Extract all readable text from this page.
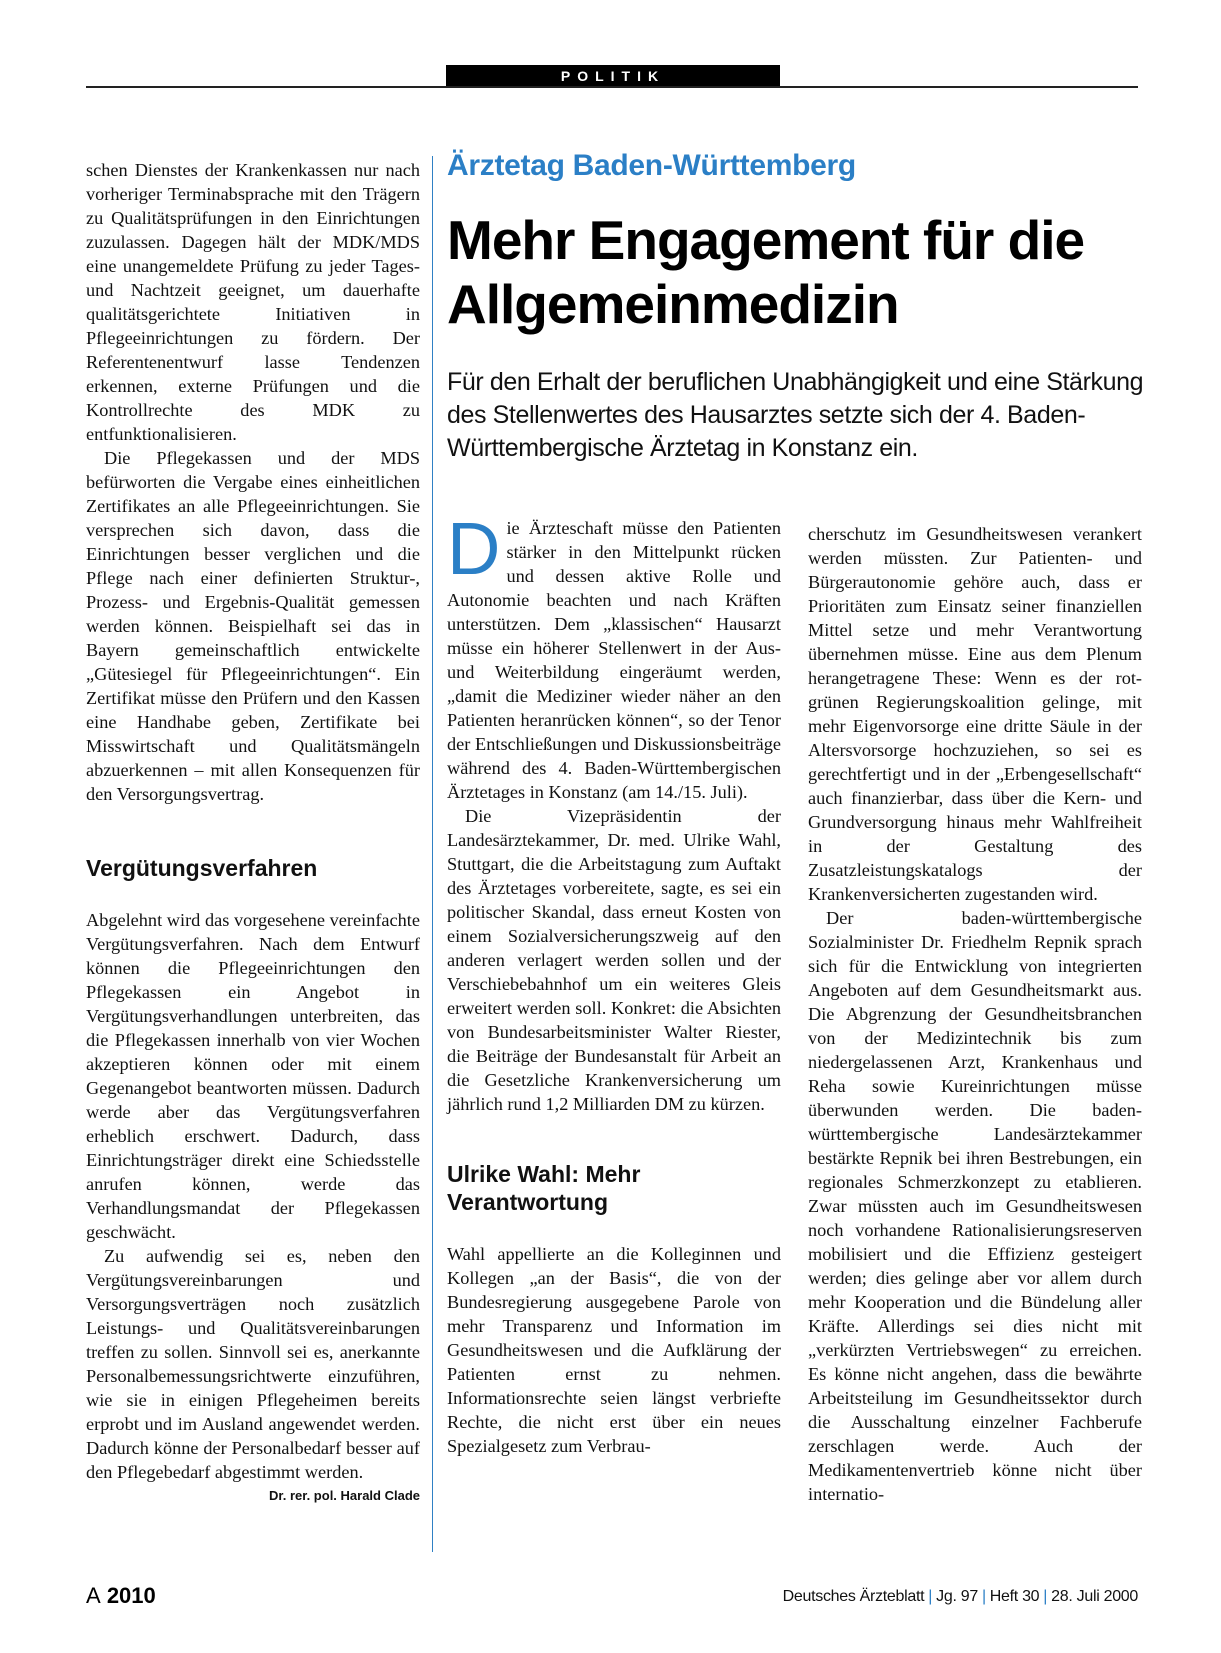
POLITIK

schen Dienstes der Krankenkassen nur nach vorheriger Terminabsprache mit den Trägern zu Qualitätsprüfungen in den Einrichtungen zuzulassen. Dagegen hält der MDK/MDS eine unangemeldete Prüfung zu jeder Tages- und Nachtzeit geeignet, um dauerhafte qualitätsgerichtete Initiativen in Pflegeeinrichtungen zu fördern. Der Referentenentwurf lasse Tendenzen erkennen, externe Prüfungen und die Kontrollrechte des MDK zu entfunktionalisieren.

Die Pflegekassen und der MDS befürworten die Vergabe eines einheitlichen Zertifikates an alle Pflegeeinrichtungen. Sie versprechen sich davon, dass die Einrichtungen besser verglichen und die Pflege nach einer definierten Struktur-, Prozess- und Ergebnis-Qualität gemessen werden können. Beispielhaft sei das in Bayern gemeinschaftlich entwickelte „Gütesiegel für Pflegeeinrichtungen“. Ein Zertifikat müsse den Prüfern und den Kassen eine Handhabe geben, Zertifikate bei Misswirtschaft und Qualitätsmängeln abzuerkennen – mit allen Konsequenzen für den Versorgungsvertrag.

Vergütungsverfahren

Abgelehnt wird das vorgesehene vereinfachte Vergütungsverfahren. Nach dem Entwurf können die Pflegeeinrichtungen den Pflegekassen ein Angebot in Vergütungsverhandlungen unterbreiten, das die Pflegekassen innerhalb von vier Wochen akzeptieren können oder mit einem Gegenangebot beantworten müssen. Dadurch werde aber das Vergütungsverfahren erheblich erschwert. Dadurch, dass Einrichtungsträger direkt eine Schiedsstelle anrufen können, werde das Verhandlungsmandat der Pflegekassen geschwächt.

Zu aufwendig sei es, neben den Vergütungsvereinbarungen und Versorgungsverträgen noch zusätzlich Leistungs- und Qualitätsvereinbarungen treffen zu sollen. Sinnvoll sei es, anerkannte Personalbemessungsrichtwerte einzuführen, wie sie in einigen Pflegeheimen bereits erprobt und im Ausland angewendet werden. Dadurch könne der Personalbedarf besser auf den Pflegebedarf abgestimmt werden.
Dr. rer. pol. Harald Clade

Ärztetag Baden-Württemberg
Mehr Engagement für die Allgemeinmedizin
Für den Erhalt der beruflichen Unabhängigkeit und eine Stärkung des Stellenwertes des Hausarztes setzte sich der 4. Baden-Württembergische Ärztetag in Konstanz ein.

Die Ärzteschaft müsse den Patienten stärker in den Mittelpunkt rücken und dessen aktive Rolle und Autonomie beachten und nach Kräften unterstützen. Dem „klassischen“ Hausarzt müsse ein höherer Stellenwert in der Aus- und Weiterbildung eingeräumt werden, „damit die Mediziner wieder näher an den Patienten heranrücken können“, so der Tenor der Entschließungen und Diskussionsbeiträge während des 4. Baden-Württembergischen Ärztetages in Konstanz (am 14./15. Juli).

Die Vizepräsidentin der Landesärztekammer, Dr. med. Ulrike Wahl, Stuttgart, die die Arbeitstagung zum Auftakt des Ärztetages vorbereitete, sagte, es sei ein politischer Skandal, dass erneut Kosten von einem Sozialversicherungszweig auf den anderen verlagert werden sollen und der Verschiebebahnhof um ein weiteres Gleis erweitert werden soll. Konkret: die Absichten von Bundesarbeitsminister Walter Riester, die Beiträge der Bundesanstalt für Arbeit an die Gesetzliche Krankenversicherung um jährlich rund 1,2 Milliarden DM zu kürzen.

Ulrike Wahl: Mehr Verantwortung

Wahl appellierte an die Kolleginnen und Kollegen „an der Basis“, die von der Bundesregierung ausgegebene Parole von mehr Transparenz und Information im Gesundheitswesen und die Aufklärung der Patienten ernst zu nehmen. Informationsrechte seien längst verbriefte Rechte, die nicht erst über ein neues Spezialgesetz zum Verbrau-

cherschutz im Gesundheitswesen verankert werden müssten. Zur Patienten- und Bürgerautonomie gehöre auch, dass er Prioritäten zum Einsatz seiner finanziellen Mittel setze und mehr Verantwortung übernehmen müsse. Eine aus dem Plenum herangetragene These: Wenn es der rot-grünen Regierungskoalition gelinge, mit mehr Eigenvorsorge eine dritte Säule in der Altersvorsorge hochzuziehen, so sei es gerechtfertigt und in der „Erbengesellschaft“ auch finanzierbar, dass über die Kern- und Grundversorgung hinaus mehr Wahlfreiheit in der Gestaltung des Zusatzleistungskatalogs der Krankenversicherten zugestanden wird.

Der baden-württembergische Sozialminister Dr. Friedhelm Repnik sprach sich für die Entwicklung von integrierten Angeboten auf dem Gesundheitsmarkt aus. Die Abgrenzung der Gesundheitsbranchen von der Medizintechnik bis zum niedergelassenen Arzt, Krankenhaus und Reha sowie Kureinrichtungen müsse überwunden werden. Die baden-württembergische Landesärztekammer bestärkte Repnik bei ihren Bestrebungen, ein regionales Schmerzkonzept zu etablieren. Zwar müssten auch im Gesundheitswesen noch vorhandene Rationalisierungsreserven mobilisiert und die Effizienz gesteigert werden; dies gelinge aber vor allem durch mehr Kooperation und die Bündelung aller Kräfte. Allerdings sei dies nicht mit „verkürzten Vertriebswegen“ zu erreichen. Es könne nicht angehen, dass die bewährte Arbeitsteilung im Gesundheitssektor durch die Ausschaltung einzelner Fachberufe zerschlagen werde. Auch der Medikamentenvertrieb könne nicht über internatio-

A 2010	Deutsches Ärzteblatt | Jg. 97 | Heft 30 | 28. Juli 2000
